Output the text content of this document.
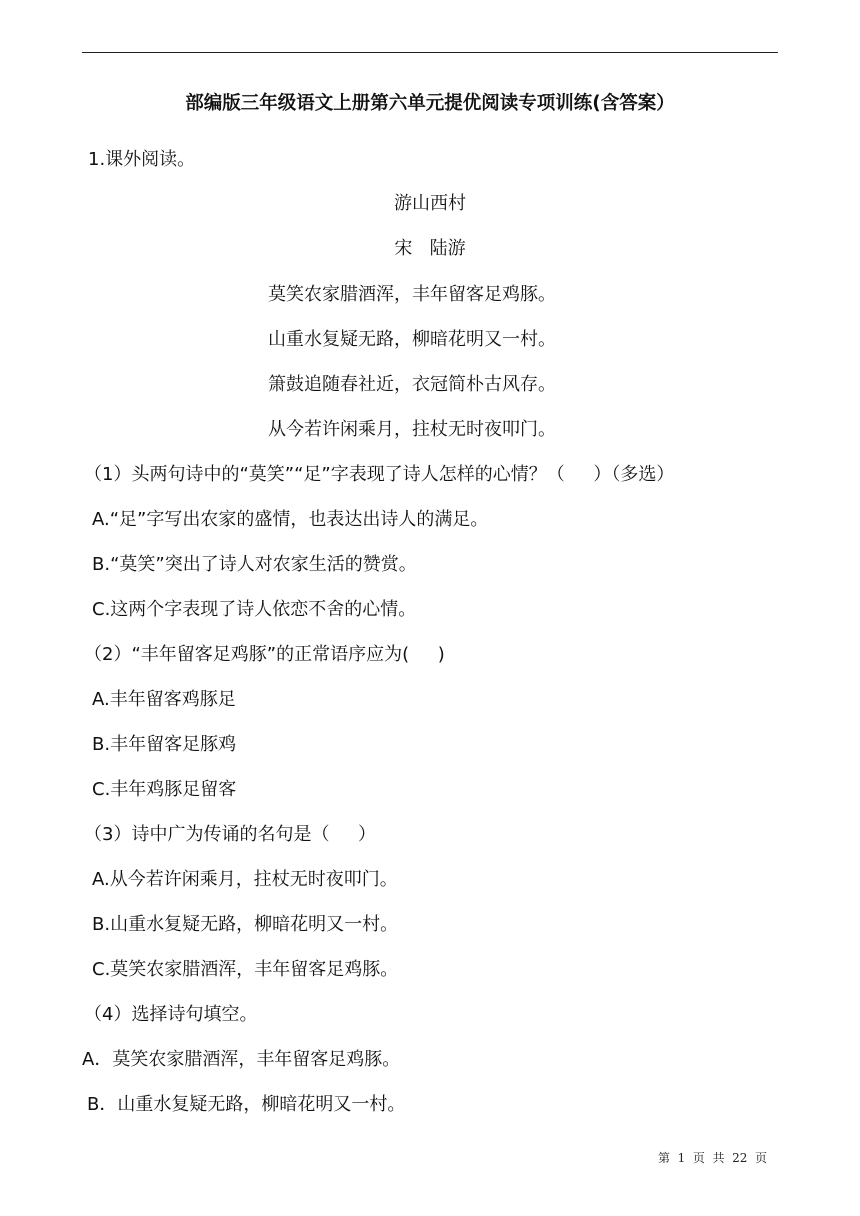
部编版三年级语文上册第六单元提优阅读专项训练(含答案）
1.课外阅读。
游山西村
宋   陆游
莫笑农家腊酒浑，丰年留客足鸡豚。
山重水复疑无路，柳暗花明又一村。
箫鼓追随春社近，衣冠简朴古风存。
从今若许闲乘月，拄杖无时夜叩门。
（1）头两句诗中的“莫笑”“足”字表现了诗人怎样的心情？（     ）（多选）
A.“足”字写出农家的盛情，也表达出诗人的满足。
B.“莫笑”突出了诗人对农家生活的赞赏。
C.这两个字表现了诗人依恋不舍的心情。
（2）“丰年留客足鸡豚”的正常语序应为(     )
A.丰年留客鸡豚足
B.丰年留客足豚鸡
C.丰年鸡豚足留客
（3）诗中广为传诵的名句是（     ）
A.从今若许闲乘月，拄杖无时夜叩门。
B.山重水复疑无路，柳暗花明又一村。
C.莫笑农家腊酒浑，丰年留客足鸡豚。
（4）选择诗句填空。
A．莫笑农家腊酒浑，丰年留客足鸡豚。
B．山重水复疑无路，柳暗花明又一村。
第  1  页  共  22  页
